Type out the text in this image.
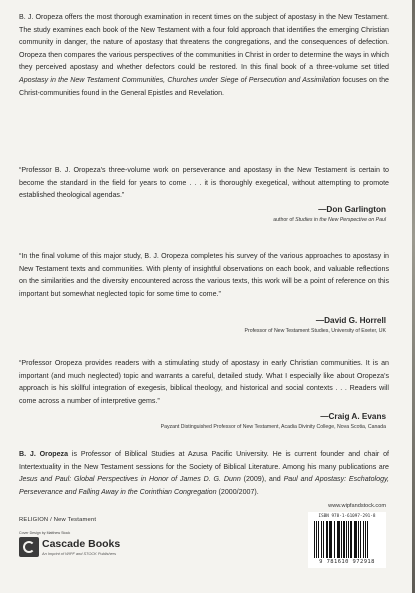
B. J. Oropeza offers the most thorough examination in recent times on the subject of apostasy in the New Testament. The study examines each book of the New Testament with a four fold approach that identifies the emerging Christian community in danger, the nature of apostasy that threatens the congregations, and the consequences of defection. Oropeza then compares the various perspectives of the communities in Christ in order to determine the ways in which they perceived apostasy and whether defectors could be restored. In this final book of a three-volume set titled Apostasy in the New Testament Communities, Churches under Siege of Persecution and Assimilation focuses on the Christ-communities found in the General Epistles and Revelation.

“Professor B. J. Oropeza's three-volume work on perseverance and apostasy in the New Testament is certain to become the standard in the field for years to come . . . it is thoroughly exegetical, without attempting to promote established theological agendas.”

—Don Garlington
author of Studies in the New Perspective on Paul

“In the final volume of this major study, B. J. Oropeza completes his survey of the various approaches to apostasy in New Testament texts and communities. With plenty of insightful observations on each book, and valuable reflections on the similarities and the diversity encountered across the various texts, this work will be a point of reference on this important but somewhat neglected topic for some time to come.”

—David G. Horrell
Professor of New Testament Studies, University of Exeter, UK

“Professor Oropeza provides readers with a stimulating study of apostasy in early Christian communities. It is an important (and much neglected) topic and warrants a careful, detailed study. What I especially like about Oropeza's approach is his skillful integration of exegesis, biblical theology, and historical and social contexts . . . Readers will come across a number of interpretive gems.”

—Craig A. Evans
Payzant Distinguished Professor of New Testament, Acadia Divinity College, Nova Scotia, Canada

B. J. Oropeza is Professor of Biblical Studies at Azusa Pacific University. He is current founder and chair of Intertextuality in the New Testament sessions for the Society of Biblical Literature. Among his many publications are Jesus and Paul: Global Perspectives in Honor of James D. G. Dunn (2009), and Paul and Apostasy: Eschatology, Perseverance and Falling Away in the Corinthian Congregation (2000/2007).

RELIGION / New Testament
Cover Design by Matthew Stock
Cascade Books
An Imprint of WIPF and STOCK Publishers
www.wipfandstock.com
ISBN 978-1-61097-291-8
9 781610 972918
